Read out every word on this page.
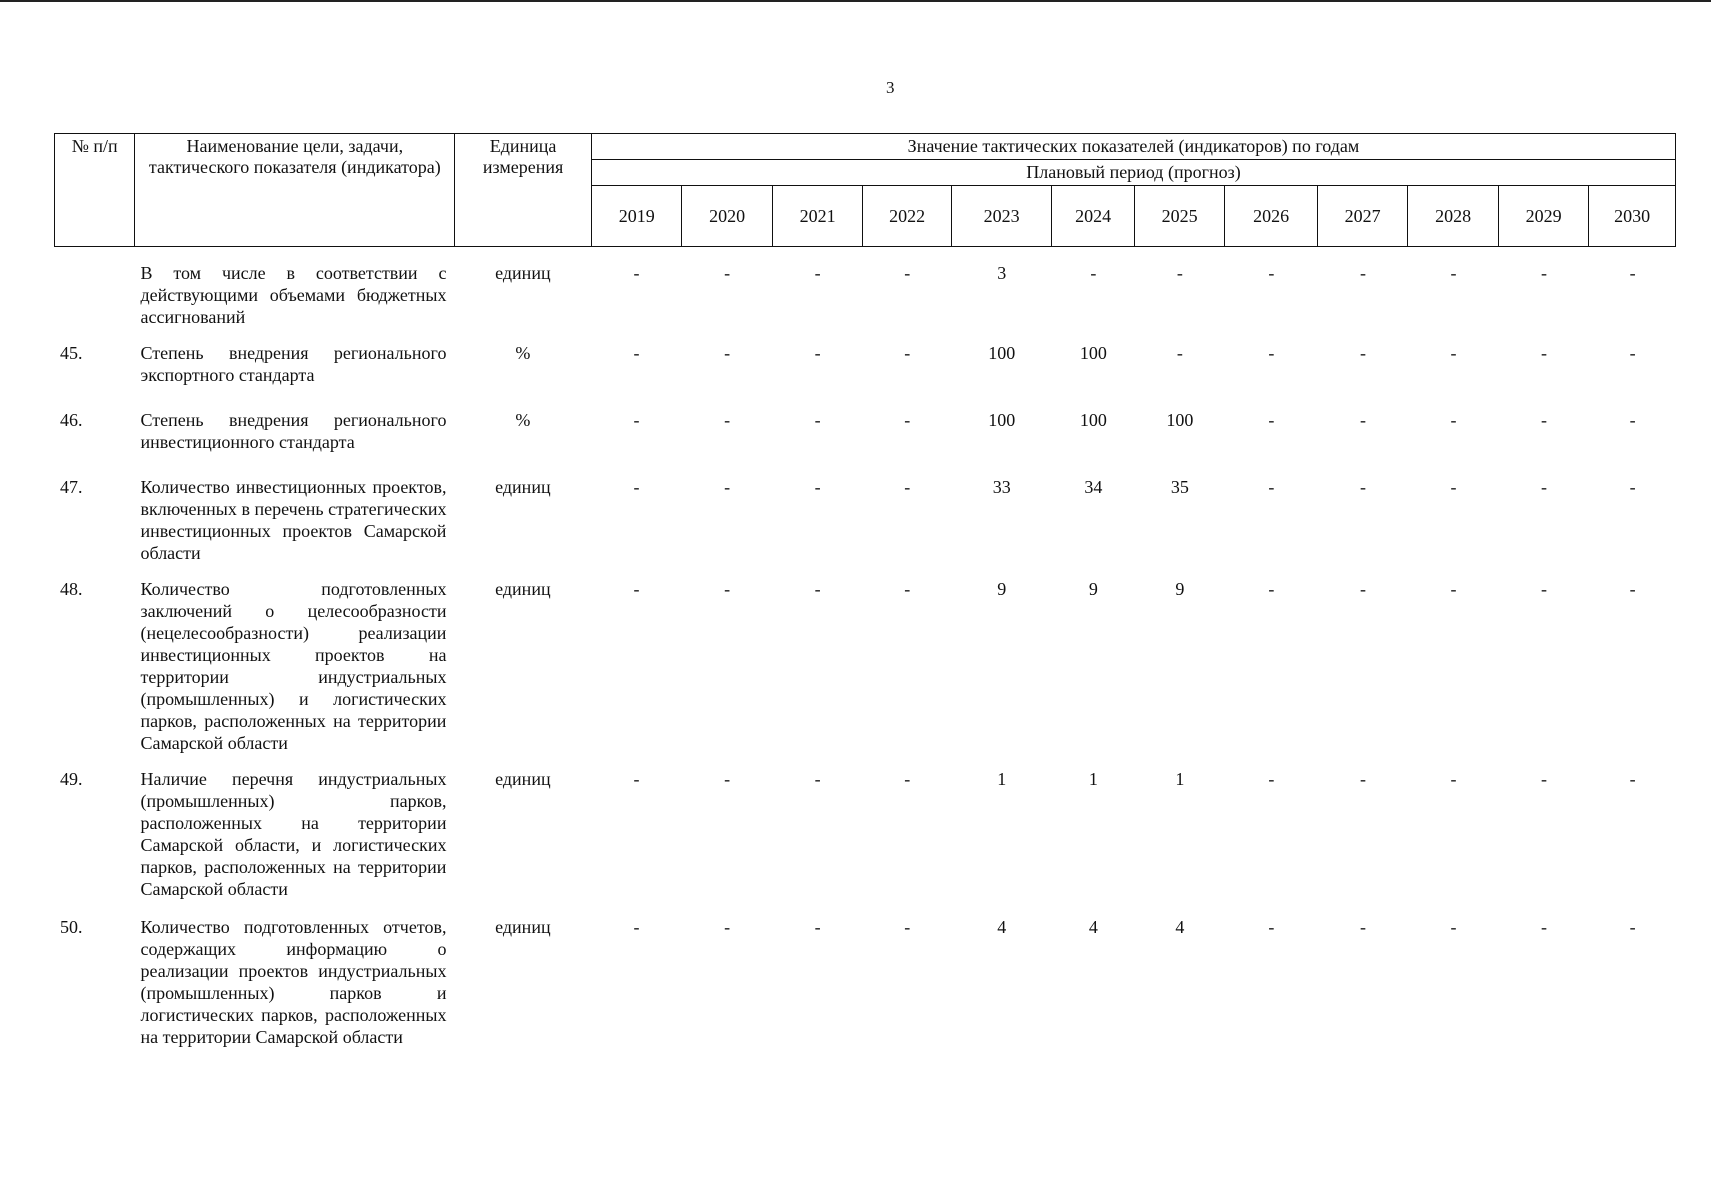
3
№ п/п	Наименование цели, задачи, тактического показателя (индикатора)	Единица измерения	Значение тактических показателей (индикаторов) по годам											
			Плановый период (прогноз)											
			2019	2020	2021	2022	2023	2024	2025	2026	2027	2028	2029	2030
	В том числе в соответствии с действующими объемами бюджетных ассигнований	единиц	-	-	-	-	3	-	-	-	-	-	-	-
45.	Степень внедрения регионального экспортного стандарта	%	-	-	-	-	100	100	-	-	-	-	-	-
46.	Степень внедрения регионального инвестиционного стандарта	%	-	-	-	-	100	100	100	-	-	-	-	-
47.	Количество инвестиционных проектов, включенных в перечень стратегических инвестиционных проектов Самарской области	единиц	-	-	-	-	33	34	35	-	-	-	-	-
48.	Количество подготовленных заключений о целесообразности (нецелесообразности) реализации инвестиционных проектов на территории индустриальных (промышленных) и логистических парков, расположенных на территории Самарской области	единиц	-	-	-	-	9	9	9	-	-	-	-	-
49.	Наличие перечня индустриальных (промышленных) парков, расположенных на территории Самарской области, и логистических парков, расположенных на территории Самарской области	единиц	-	-	-	-	1	1	1	-	-	-	-	-
50.	Количество подготовленных отчетов, содержащих информацию о реализации проектов индустриальных (промышленных) парков и логистических парков, расположенных на территории Самарской области	единиц	-	-	-	-	4	4	4	-	-	-	-	-
